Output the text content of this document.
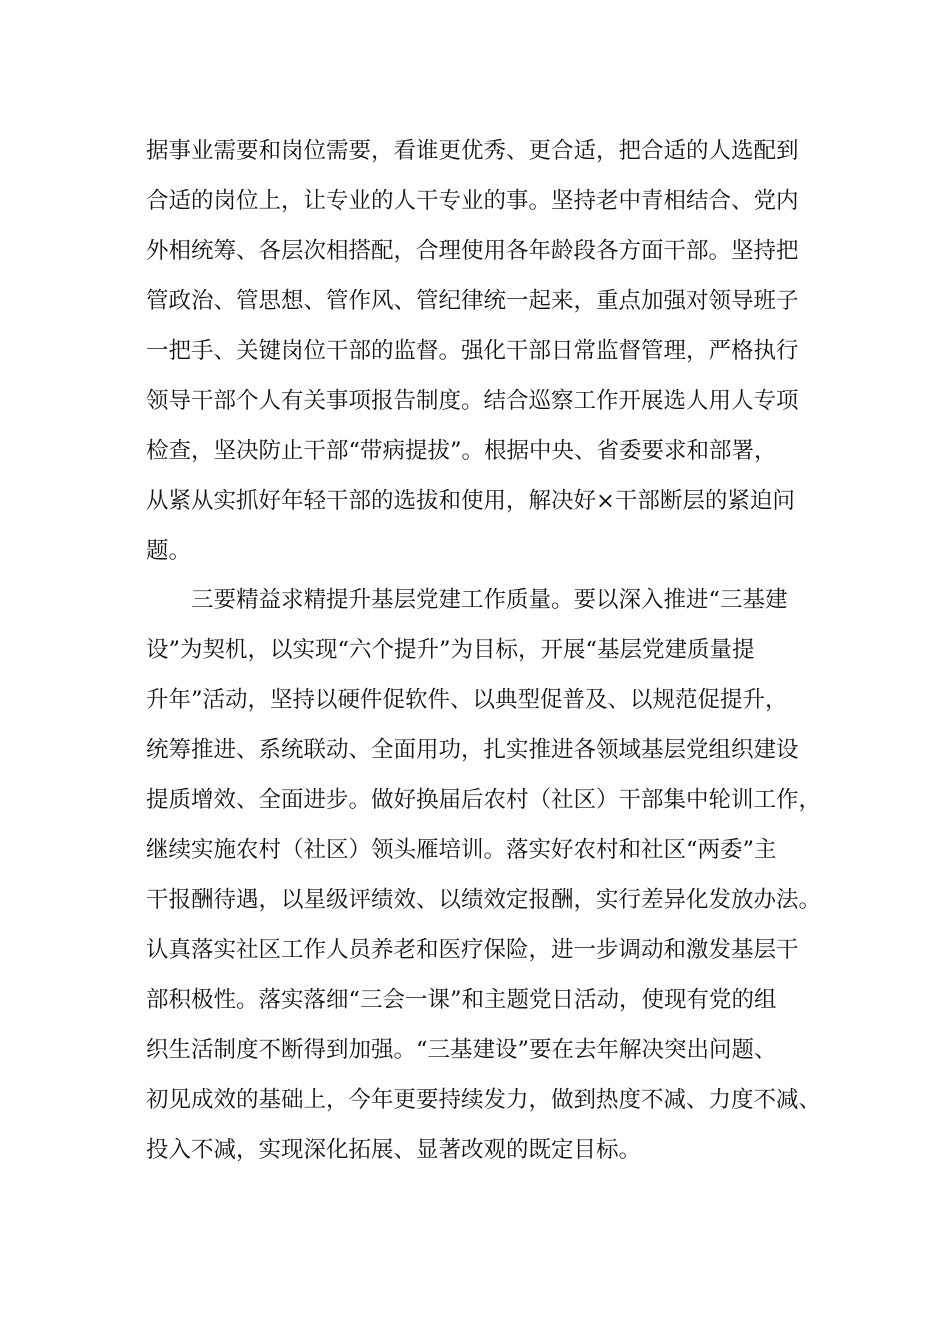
据事业需要和岗位需要，看谁更优秀、更合适，把合适的人选配到
合适的岗位上，让专业的人干专业的事。坚持老中青相结合、党内
外相统筹、各层次相搭配，合理使用各年龄段各方面干部。坚持把
管政治、管思想、管作风、管纪律统一起来，重点加强对领导班子
一把手、关键岗位干部的监督。强化干部日常监督管理，严格执行
领导干部个人有关事项报告制度。结合巡察工作开展选人用人专项
检查，坚决防止干部“带病提拔”。根据中央、省委要求和部署，
从紧从实抓好年轻干部的选拔和使用，解决好×干部断层的紧迫问
题。
三要精益求精提升基层党建工作质量。要以深入推进“三基建
设”为契机，以实现“六个提升”为目标，开展“基层党建质量提
升年”活动，坚持以硬件促软件、以典型促普及、以规范促提升，
统筹推进、系统联动、全面用功，扎实推进各领域基层党组织建设
提质增效、全面进步。做好换届后农村（社区）干部集中轮训工作，
继续实施农村（社区）领头雁培训。落实好农村和社区“两委”主
干报酬待遇，以星级评绩效、以绩效定报酬，实行差异化发放办法。
认真落实社区工作人员养老和医疗保险，进一步调动和激发基层干
部积极性。落实落细“三会一课”和主题党日活动，使现有党的组
织生活制度不断得到加强。“三基建设”要在去年解决突出问题、
初见成效的基础上，今年更要持续发力，做到热度不减、力度不减、
投入不减，实现深化拓展、显著改观的既定目标。
